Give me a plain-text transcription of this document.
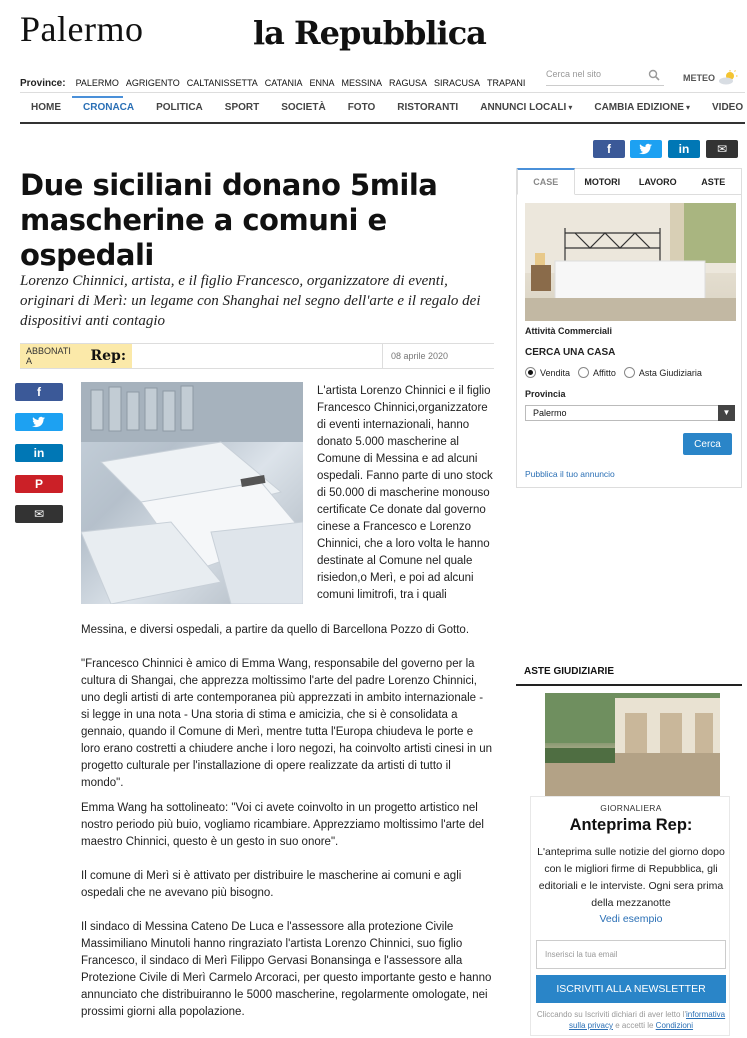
Palermo	la Repubblica
Province: PALERMO AGRIGENTO CALTANISSETTA CATANIA ENNA MESSINA RAGUSA SIRACUSA TRAPANI
Cerca nel sito	METEO
HOME	CRONACA	POLITICA	SPORT	SOCIETÀ	FOTO	RISTORANTI	ANNUNCI LOCALI ▾ CAMBIA EDIZIONE ▾	VIDEO
f	in	✉
Due siciliani donano 5mila mascherine a comuni e ospedali

Lorenzo Chinnici, artista, e il figlio Francesco, organizzatore di eventi, originari di Merì: un legame con Shanghai nel segno dell'arte e il regalo dei dispositivi anti contagio

ABBONATI A	Rep:	08 aprile 2020
f
in
P
✉

L'artista Lorenzo Chinnici e il figlio Francesco Chinnici,organizzatore di eventi internazionali, hanno donato 5.000 mascherine al Comune di Messina e ad alcuni ospedali. Fanno parte di uno stock di 50.000 di mascherine monouso certificate Ce donate dal governo cinese a Francesco e Lorenzo Chinnici, che a loro volta le hanno destinate al Comune nel quale risiedon,o Merì, e poi ad alcuni comuni limitrofi, tra i quali

Messina, e diversi ospedali, a partire da quello di Barcellona Pozzo di Gotto.

"Francesco Chinnici è amico di Emma Wang, responsabile del governo per la cultura di Shangai, che apprezza moltissimo l'arte del padre Lorenzo Chinnici, uno degli artisti di arte contemporanea più apprezzati in ambito internazionale - si legge in una nota - Una storia di stima e amicizia, che si è consolidata a gennaio, quando il Comune di Merì, mentre tutta l'Europa chiudeva le porte e loro erano costretti a chiudere anche i loro negozi, ha coinvolto artisti cinesi in un progetto culturale per l'installazione di opere realizzate da artisti di tutto il mondo".

Emma Wang ha sottolineato: "Voi ci avete coinvolto in un progetto artistico nel nostro periodo più buio, vogliamo ricambiare. Apprezziamo moltissimo l'arte del maestro Chinnici, questo è un gesto in suo onore".

Il comune di Merì si è attivato per distribuire le mascherine ai comuni e agli ospedali che ne avevano più bisogno.

Il sindaco di Messina Cateno De Luca e l'assessore alla protezione Civile Massimiliano Minutoli hanno ringraziato l'artista Lorenzo Chinnici, suo figlio Francesco, il sindaco di Merì Filippo Gervasi Bonansinga e l'assessore alla Protezione Civile di Merì Carmelo Arcoraci, per questo importante gesto e hanno annunciato che distribuiranno le 5000 mascherine, regolarmente omologate, nei prossimi giorni alla popolazione.

CASE	MOTORI	LAVORO	ASTE
Attività Commerciali
CERCA UNA CASA
Vendita	Affitto	Asta Giudiziaria
Provincia
Palermo	▼
Cerca
Pubblica il tuo annuncio
ASTE GIUDIZIARIE
GIORNALIERA
Anteprima Rep:
L'anteprima sulle notizie del giorno dopo con le migliori firme di Repubblica, gli editoriali e le interviste. Ogni sera prima della mezzanotte
Vedi esempio
Inserisci la tua email
ISCRIVITI ALLA NEWSLETTER
Cliccando su Iscriviti dichiari di aver letto l'informativa sulla privacy e accetti le Condizioni
